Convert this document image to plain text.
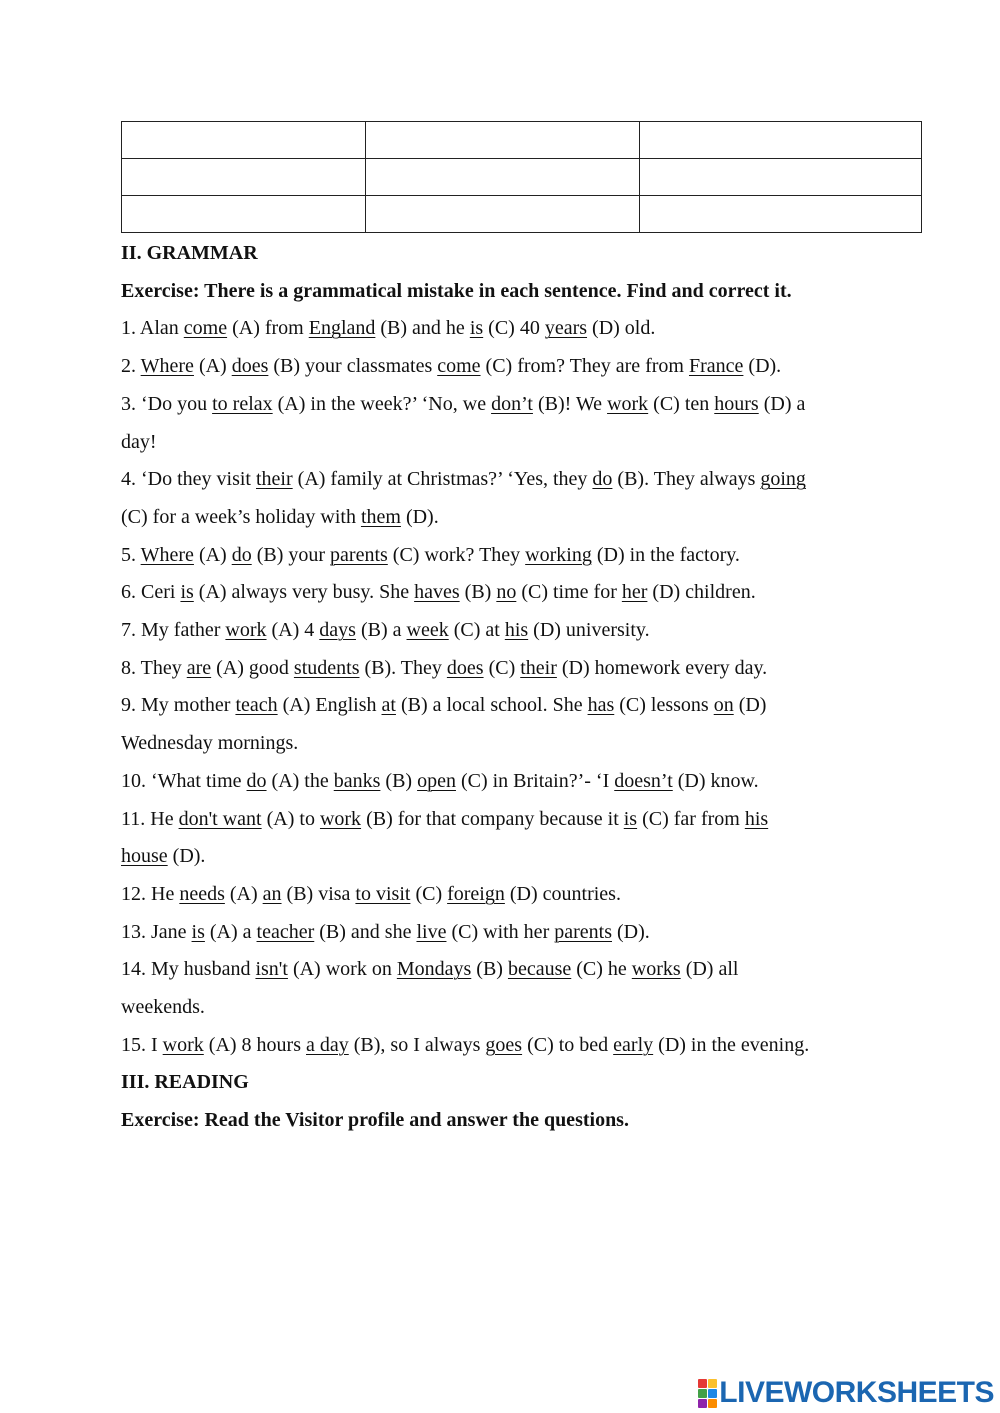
II. GRAMMAR
Exercise: There is a grammatical mistake in each sentence. Find and correct it.
1. Alan come (A) from England (B) and he is (C) 40 years (D) old.
2. Where (A) does (B) your classmates come (C) from? They are from France (D).
3. ‘Do you to relax (A) in the week?’ ‘No, we don’t (B)! We work (C) ten hours (D) a
day!
4. ‘Do they visit their (A) family at Christmas?’ ‘Yes, they do (B). They always going
(C) for a week’s holiday with them (D).
5. Where (A) do (B) your parents (C) work? They working (D) in the factory.
6. Ceri is (A) always very busy. She haves (B) no (C) time for her (D) children.
7. My father work (A) 4 days (B) a week (C) at his (D) university.
8. They are (A) good students (B). They does (C) their (D) homework every day.
9. My mother teach (A) English at (B) a local school. She has (C) lessons on (D)
Wednesday mornings.
10. ‘What time do (A) the banks (B) open (C) in Britain?’- ‘I doesn’t (D) know.
11. He don't want (A) to work (B) for that company because it is (C) far from his
house (D).
12. He needs (A) an (B) visa to visit (C) foreign (D) countries.
13. Jane is (A) a teacher (B) and she live (C) with her parents (D).
14. My husband isn't (A) work on Mondays (B) because (C) he works (D) all
weekends.
15. I work (A) 8 hours a day (B), so I always goes (C) to bed early (D) in the evening.
III. READING
Exercise: Read the Visitor profile and answer the questions.
LIVEWORKSHEETS
